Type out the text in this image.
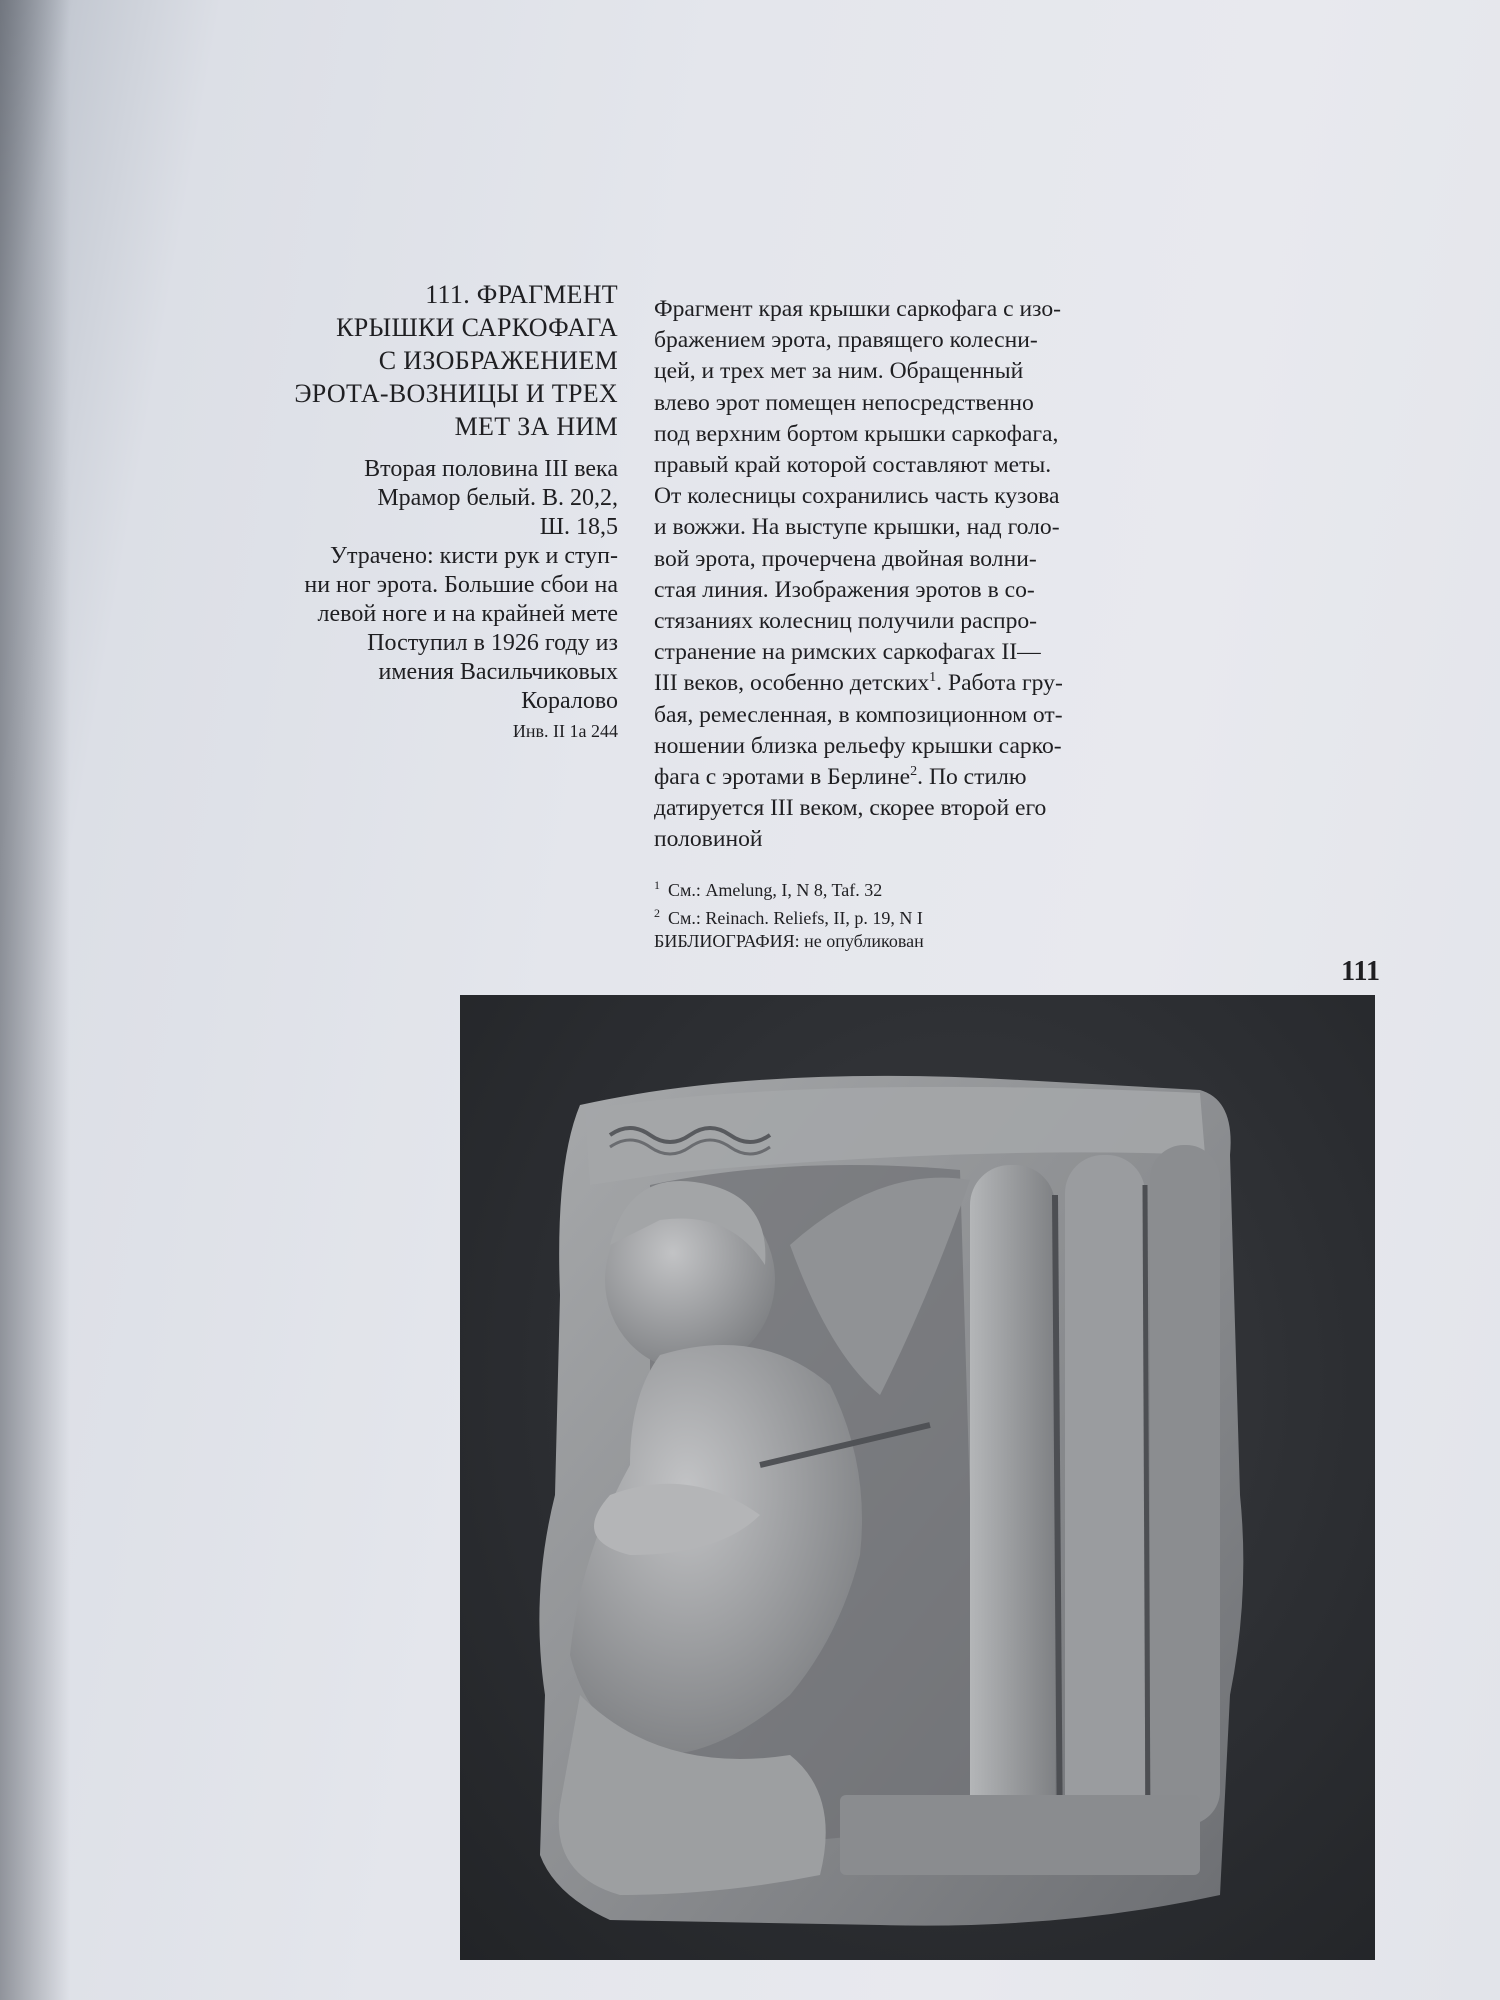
111. ФРАГМЕНТ
КРЫШКИ САРКОФАГА
С ИЗОБРАЖЕНИЕМ
ЭРОТА-ВОЗНИЦЫ И ТРЕХ
МЕТ ЗА НИМ
Вторая половина III века
Мрамор белый. В. 20,2,
Ш. 18,5
Утрачено: кисти рук и ступ-
ни ног эрота. Большие сбои на
левой ноге и на крайней мете
Поступил в 1926 году из
имения Васильчиковых
Коралово
Инв. II 1а 244
Фрагмент края крышки саркофага с изо-
бражением эрота, правящего колесни-
цей, и трех мет за ним. Обращенный
влево эрот помещен непосредственно
под верхним бортом крышки саркофага,
правый край которой составляют меты.
От колесницы сохранились часть кузова
и вожжи. На выступе крышки, над голо-
вой эрота, прочерчена двойная волни-
стая линия. Изображения эротов в со-
стязаниях колесниц получили распро-
странение на римских саркофагах II—
III веков, особенно детских$^1$. Работа гру-
бая, ремесленная, в композиционном от-
ношении близка рельефу крышки сарко-
фага с эротами в Берлине$^2$. По стилю
датируется III веком, скорее второй его
половиной
$^1$ См.: Amelung, I, N 8, Taf. 32
$^2$ См.: Reinach. Reliefs, II, p. 19, N I
БИБЛИОГРАФИЯ: не опубликован
111
